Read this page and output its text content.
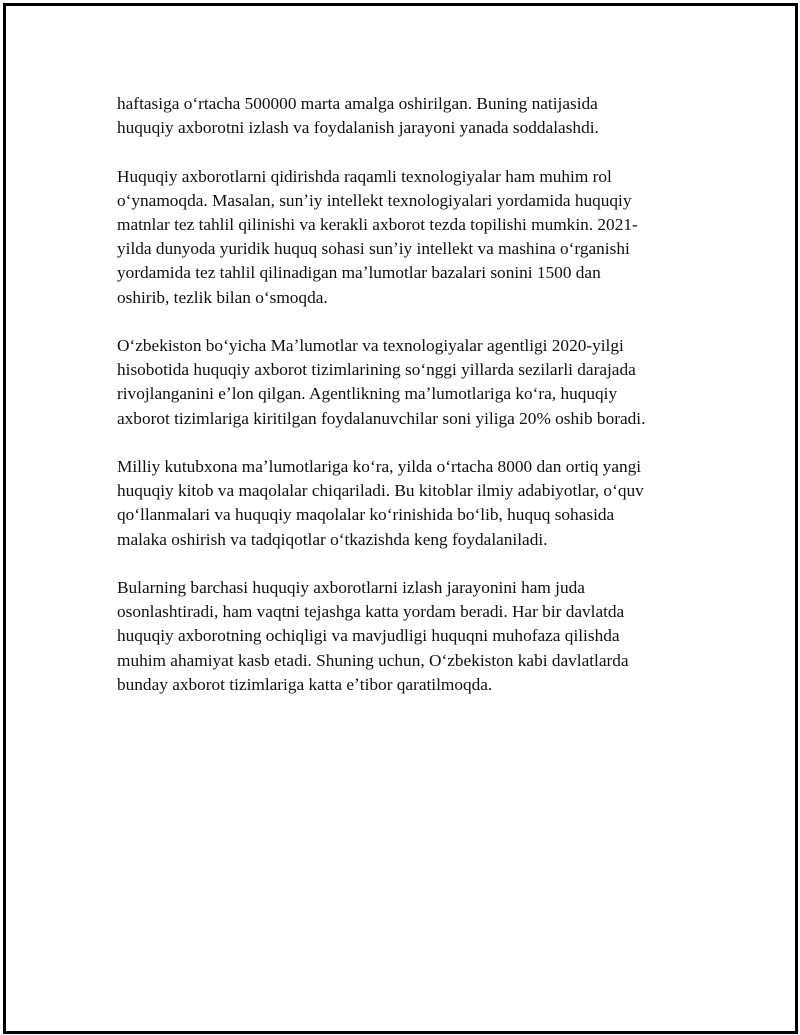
haftasiga oʻrtacha 500000 marta amalga oshirilgan. Buning natijasida
huquqiy axborotni izlash va foydalanish jarayoni yanada soddalashdi.

Huquqiy axborotlarni qidirishda raqamli texnologiyalar ham muhim rol
oʻynamoqda. Masalan, sunʼiy intellekt texnologiyalari yordamida huquqiy
matnlar tez tahlil qilinishi va kerakli axborot tezda topilishi mumkin. 2021-
yilda dunyoda yuridik huquq sohasi sunʼiy intellekt va mashina oʻrganishi
yordamida tez tahlil qilinadigan maʼlumotlar bazalari sonini 1500 dan
oshirib, tezlik bilan oʻsmoqda.

Oʻzbekiston boʻyicha Maʼlumotlar va texnologiyalar agentligi 2020-yilgi
hisobotida huquqiy axborot tizimlarining soʻnggi yillarda sezilarli darajada
rivojlanganini eʼlon qilgan. Agentlikning maʼlumotlariga koʻra, huquqiy
axborot tizimlariga kiritilgan foydalanuvchilar soni yiliga 20% oshib boradi.

Milliy kutubxona maʼlumotlariga koʻra, yilda oʻrtacha 8000 dan ortiq yangi
huquqiy kitob va maqolalar chiqariladi. Bu kitoblar ilmiy adabiyotlar, oʻquv
qoʻllanmalari va huquqiy maqolalar koʻrinishida boʻlib, huquq sohasida
malaka oshirish va tadqiqotlar oʻtkazishda keng foydalaniladi.

Bularning barchasi huquqiy axborotlarni izlash jarayonini ham juda
osonlashtiradi, ham vaqtni tejashga katta yordam beradi. Har bir davlatda
huquqiy axborotning ochiqligi va mavjudligi huquqni muhofaza qilishda
muhim ahamiyat kasb etadi. Shuning uchun, Oʻzbekiston kabi davlatlarda
bunday axborot tizimlariga katta eʼtibor qaratilmoqda.
